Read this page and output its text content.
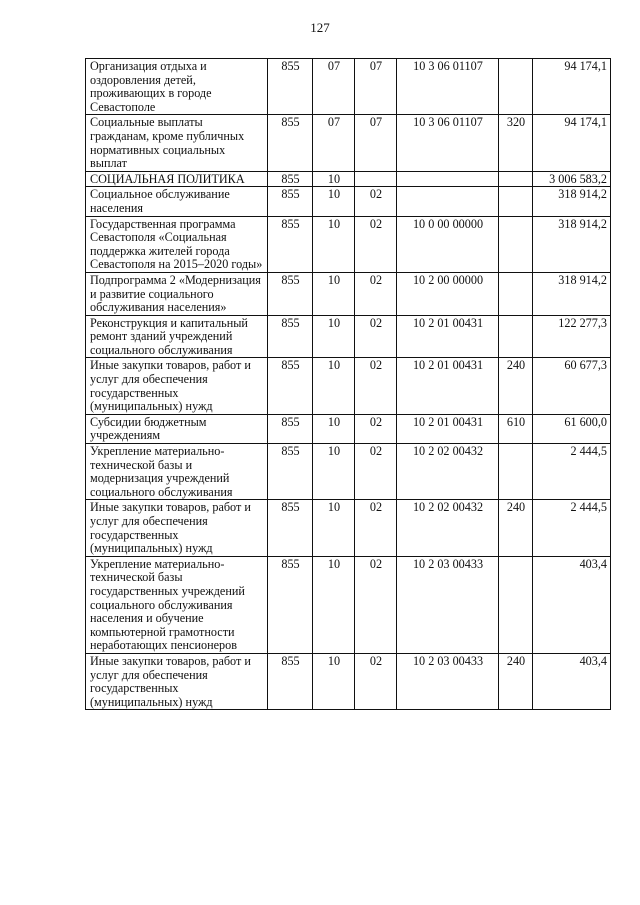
127
Организация отдыха и оздоровления детей, проживающих в городе Севастополе	855	07	07	10 3 06 01107		94 174,1
Социальные выплаты гражданам, кроме публичных нормативных социальных выплат	855	07	07	10 3 06 01107	320	94 174,1
СОЦИАЛЬНАЯ ПОЛИТИКА	855	10				3 006 583,2
Социальное обслуживание населения	855	10	02			318 914,2
Государственная программа Севастополя «Социальная поддержка жителей города Севастополя на 2015–2020 годы»	855	10	02	10 0 00 00000		318 914,2
Подпрограмма 2 «Модернизация и развитие социального обслуживания населения»	855	10	02	10 2 00 00000		318 914,2
Реконструкция и капитальный ремонт зданий учреждений социального обслуживания	855	10	02	10 2 01 00431		122 277,3
Иные закупки товаров, работ и услуг для обеспечения государственных (муниципальных) нужд	855	10	02	10 2 01 00431	240	60 677,3
Субсидии бюджетным учреждениям	855	10	02	10 2 01 00431	610	61 600,0
Укрепление материально-технической базы и модернизация учреждений социального обслуживания	855	10	02	10 2 02 00432		2 444,5
Иные закупки товаров, работ и услуг для обеспечения государственных (муниципальных) нужд	855	10	02	10 2 02 00432	240	2 444,5
Укрепление материально-технической базы государственных учреждений социального обслуживания населения и обучение компьютерной грамотности неработающих пенсионеров	855	10	02	10 2 03 00433		403,4
Иные закупки товаров, работ и услуг для обеспечения государственных (муниципальных) нужд	855	10	02	10 2 03 00433	240	403,4
